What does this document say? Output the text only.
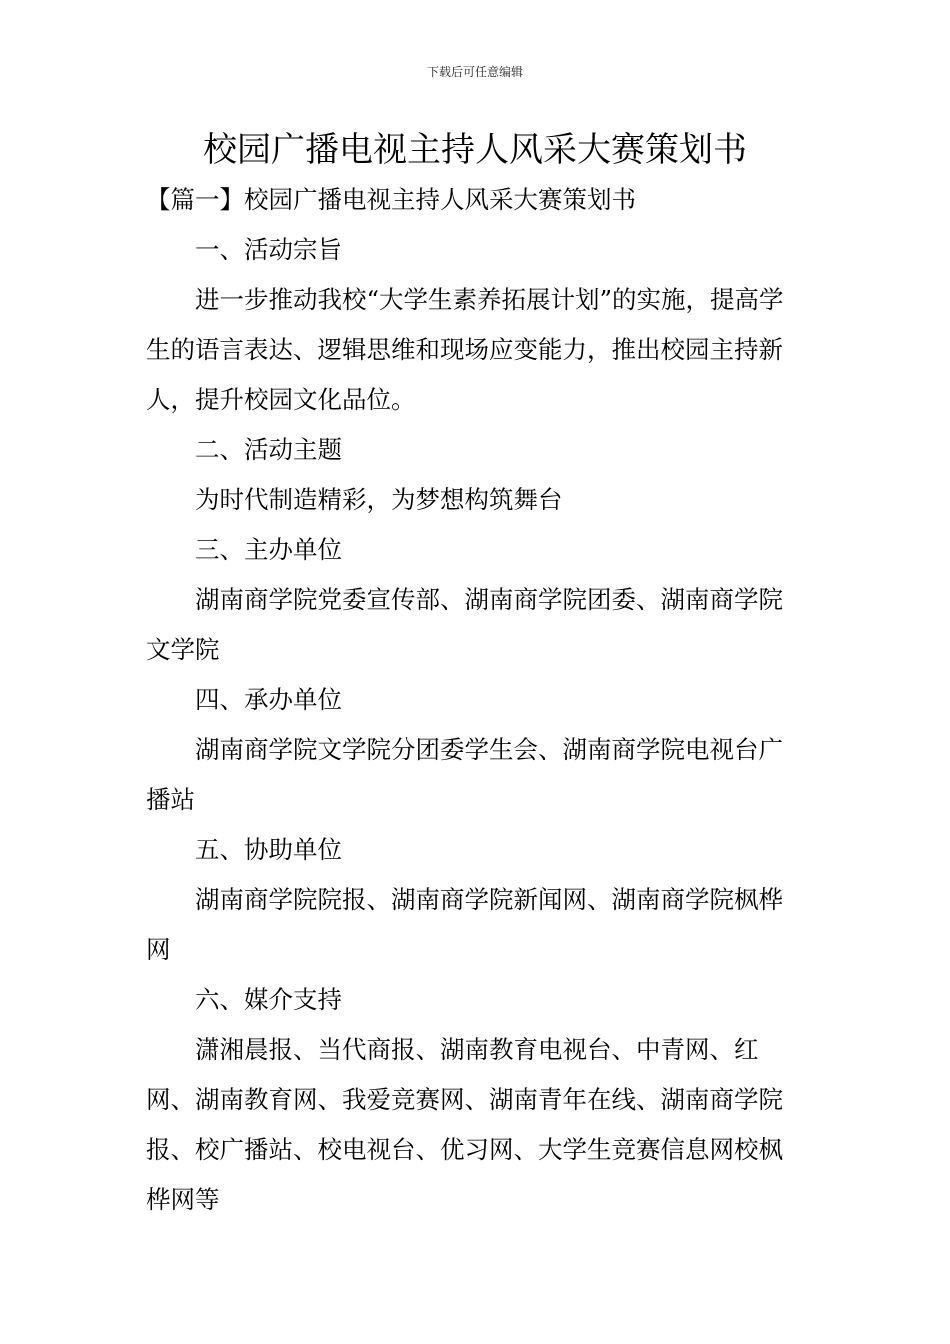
下载后可任意编辑
校园广播电视主持人风采大赛策划书

【篇一】校园广播电视主持人风采大赛策划书

一、活动宗旨

进一步推动我校“大学生素养拓展计划”的实施，提高学生的语言表达、逻辑思维和现场应变能力，推出校园主持新人，提升校园文化品位。

二、活动主题

为时代制造精彩，为梦想构筑舞台

三、主办单位

湖南商学院党委宣传部、湖南商学院团委、湖南商学院文学院

四、承办单位

湖南商学院文学院分团委学生会、湖南商学院电视台广播站

五、协助单位

湖南商学院院报、湖南商学院新闻网、湖南商学院枫桦网

六、媒介支持

潇湘晨报、当代商报、湖南教育电视台、中青网、红网、湖南教育网、我爱竞赛网、湖南青年在线、湖南商学院报、校广播站、校电视台、优习网、大学生竞赛信息网校枫桦网等
